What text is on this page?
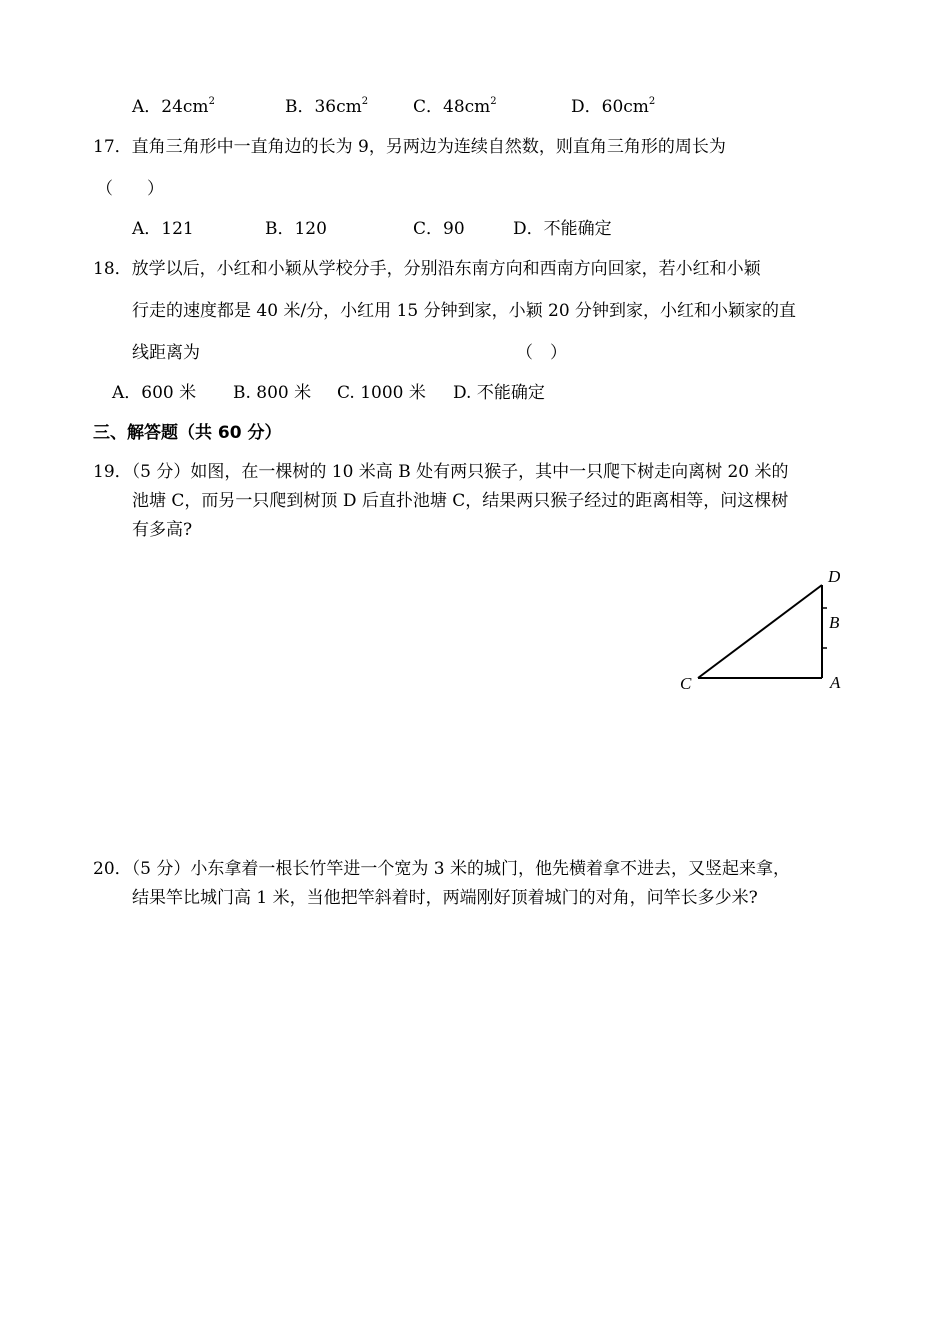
A．$24cm^2$	B．$36cm^2$	C．$48cm^2$	D．$60cm^2$
17．直角三角形中一直角边的长为 9，另两边为连续自然数，则直角三角形的周长为
（　　）
A．121	B．120	C．90	D．不能确定
18．放学以后，小红和小颖从学校分手，分别沿东南方向和西南方向回家，若小红和小颖
行走的速度都是 40 米/分，小红用 15 分钟到家，小颖 20 分钟到家，小红和小颖家的直
线距离为	（　）
A．600 米 B. 800 米 C. 1000 米 D. 不能确定
三、解答题（共 60 分）
19．（5 分）如图，在一棵树的 10 米高 B 处有两只猴子，其中一只爬下树走向离树 20 米的
池塘 C，而另一只爬到树顶 D 后直扑池塘 C，结果两只猴子经过的距离相等，问这棵树
有多高?
D
B
C	A
20．（5 分）小东拿着一根长竹竿进一个宽为 3 米的城门，他先横着拿不进去，又竖起来拿，
结果竿比城门高 1 米，当他把竿斜着时，两端刚好顶着城门的对角，问竿长多少米?
